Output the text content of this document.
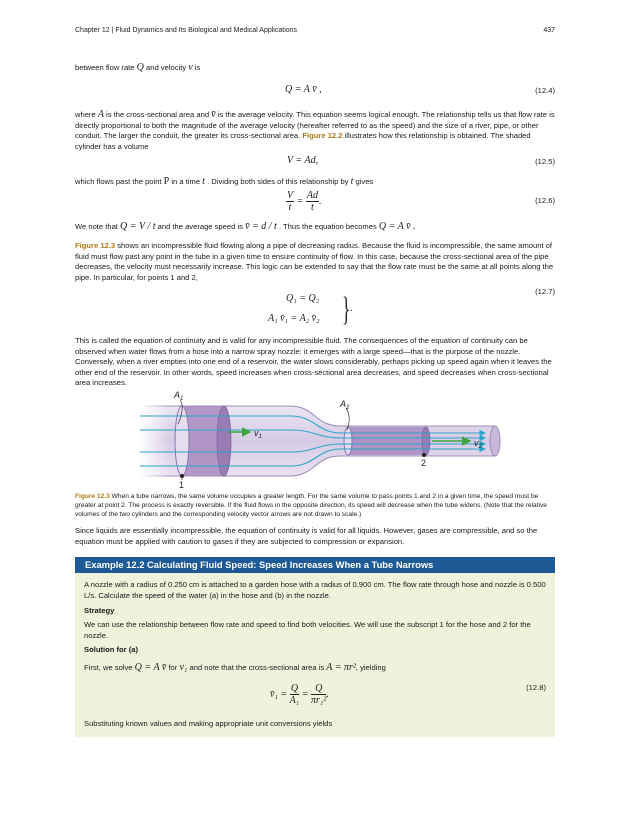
Chapter 12 | Fluid Dynamics and Its Biological and Medical Applications	437
between flow rate Q and velocity v is
Q = A v̄ ,	(12.4)
where A is the cross-sectional area and v̄ is the average velocity. This equation seems logical enough. The relationship tells us that flow rate is directly proportional to both the magnitude of the average velocity (hereafter referred to as the speed) and the size of a river, pipe, or other conduit. The larger the conduit, the greater its cross-sectional area. Figure 12.2 illustrates how this relationship is obtained. The shaded cylinder has a volume
V = Ad,	(12.5)
which flows past the point P in a time t . Dividing both sides of this relationship by t gives
$\frac{V}{t} = \frac{Ad}{t}$ .	(12.6)
We note that Q = V / t and the average speed is v̄ = d / t . Thus the equation becomes Q = A v̄ .
Figure 12.3 shows an incompressible fluid flowing along a pipe of decreasing radius. Because the fluid is incompressible, the same amount of fluid must flow past any point in the tube in a given time to ensure continuity of flow. In this case, because the cross-sectional area of the pipe decreases, the velocity must necessarily increase. This logic can be extended to say that the flow rate must be the same at all points along the pipe. In particular, for points 1 and 2,
Q₁ = Q₂
A₁ v̄₁ = A₂ v̄₂ } .
(12.7)
This is called the equation of continuity and is valid for any incompressible fluid. The consequences of the equation of continuity can be observed when water flows from a hose into a narrow spray nozzle: it emerges with a large speed—that is the purpose of the nozzle. Conversely, when a river empties into one end of a reservoir, the water slows considerably, perhaps picking up speed again when it leaves the other end of the reservoir. In other words, speed increases when cross-sectional area decreases, and speed decreases when cross-sectional area increases.
$A_1$	$A_2$
$v_1$
$v_2$
1
2
Figure 12.3 When a tube narrows, the same volume occupies a greater length. For the same volume to pass points 1 and 2 in a given time, the speed must be greater at point 2. The process is exactly reversible. If the fluid flows in the opposite direction, its speed will decrease when the tube widens. (Note that the relative volumes of the two cylinders and the corresponding velocity vector arrows are not drawn to scale.)
Since liquids are essentially incompressible, the equation of continuity is valid for all liquids. However, gases are compressible, and so the equation must be applied with caution to gases if they are subjected to compression or expansion.
Example 12.2 Calculating Fluid Speed: Speed Increases When a Tube Narrows
A nozzle with a radius of 0.250 cm is attached to a garden hose with a radius of 0.900 cm. The flow rate through hose and nozzle is 0.500 L/s. Calculate the speed of the water (a) in the hose and (b) in the nozzle.
Strategy
We can use the relationship between flow rate and speed to find both velocities. We will use the subscript 1 for the hose and 2 for the nozzle.
Solution for (a)
First, we solve Q = A v̄ for v₁ and note that the cross-sectional area is A = πr², yielding
v̄₁ = $\frac{Q}{\text{A₁}} = \frac{Q}{\text{πr₁²}}$ .
(12.8)
Substituting known values and making appropriate unit conversions yields
